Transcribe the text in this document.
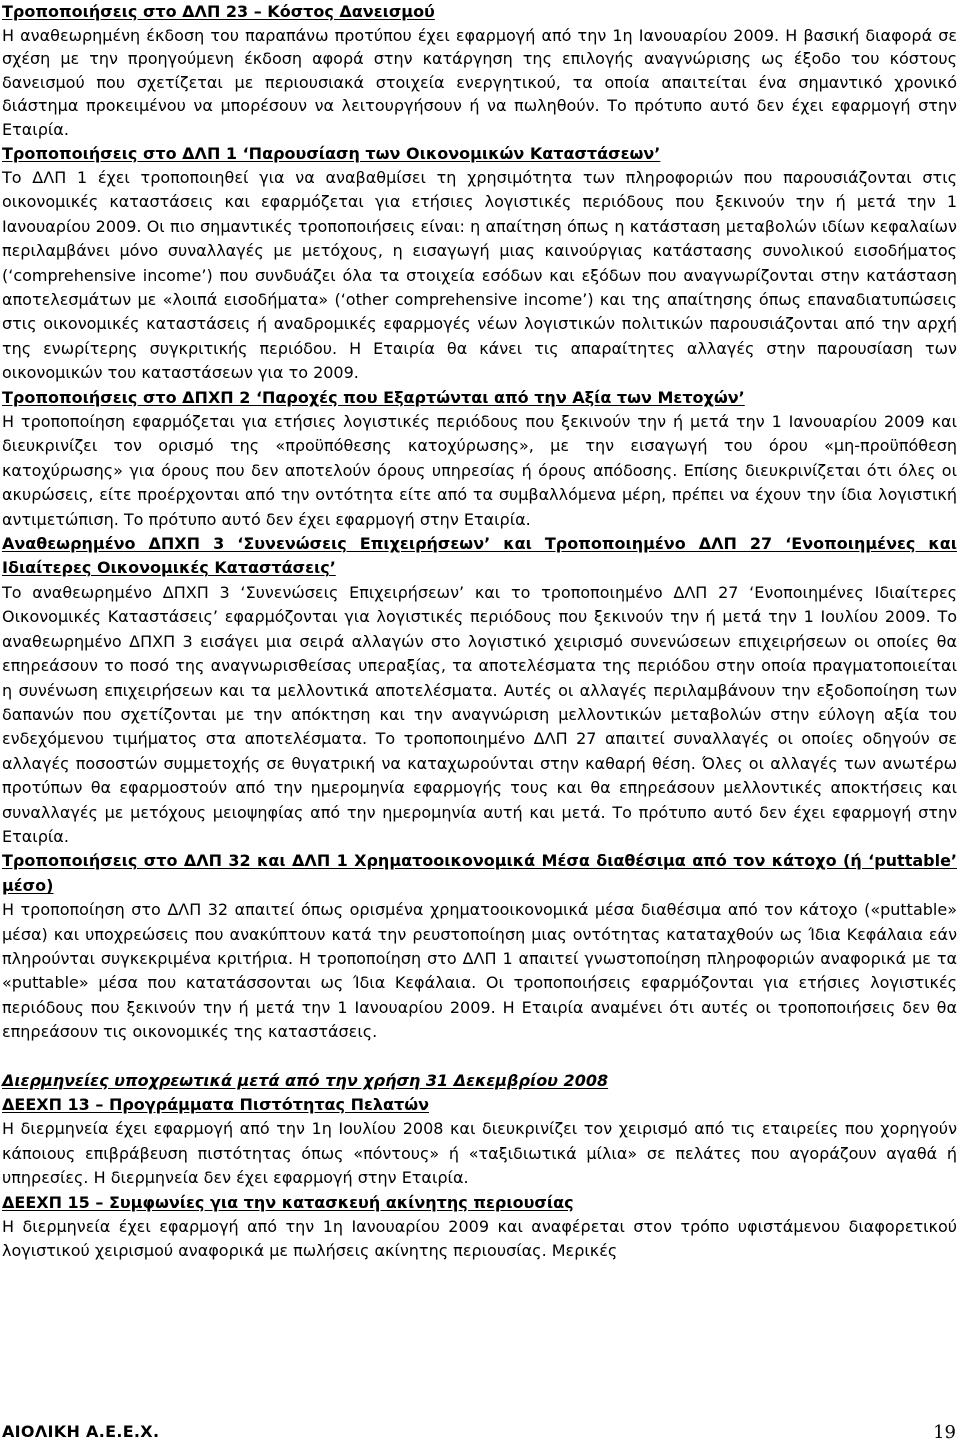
Τροποποιήσεις στο ΔΛΠ 23 – Κόστος Δανεισμού

Η αναθεωρημένη έκδοση του παραπάνω προτύπου έχει εφαρμογή από την 1η Ιανουαρίου 2009. Η βασική διαφορά σε σχέση με την προηγούμενη έκδοση αφορά στην κατάργηση της επιλογής αναγνώρισης ως έξοδο του κόστους δανεισμού που σχετίζεται με περιουσιακά στοιχεία ενεργητικού, τα οποία απαιτείται ένα σημαντικό χρονικό διάστημα προκειμένου να μπορέσουν να λειτουργήσουν ή να πωληθούν. Το πρότυπο αυτό δεν έχει εφαρμογή στην Εταιρία.

Τροποποιήσεις στο ΔΛΠ 1 ‘Παρουσίαση των Οικονομικών Καταστάσεων’

Το ΔΛΠ 1 έχει τροποποιηθεί για να αναβαθμίσει τη χρησιμότητα των πληροφοριών που παρουσιάζονται στις οικονομικές καταστάσεις και εφαρμόζεται για ετήσιες λογιστικές περιόδους που ξεκινούν την ή μετά την 1 Ιανουαρίου 2009. Οι πιο σημαντικές τροποποιήσεις είναι: η απαίτηση όπως η κατάσταση μεταβολών ιδίων κεφαλαίων περιλαμβάνει μόνο συναλλαγές με μετόχους, η εισαγωγή μιας καινούργιας κατάστασης συνολικού εισοδήματος (‘comprehensive income’) που συνδυάζει όλα τα στοιχεία εσόδων και εξόδων που αναγνωρίζονται στην κατάσταση αποτελεσμάτων με «λοιπά εισοδήματα» (‘other comprehensive income’) και της απαίτησης όπως επαναδιατυπώσεις στις οικονομικές καταστάσεις ή αναδρομικές εφαρμογές νέων λογιστικών πολιτικών παρουσιάζονται από την αρχή της ενωρίτερης συγκριτικής περιόδου. Η Εταιρία θα κάνει τις απαραίτητες αλλαγές στην παρουσίαση των οικονομικών του καταστάσεων για το 2009.

Τροποποιήσεις στο ΔΠΧΠ 2 ‘Παροχές που Εξαρτώνται από την Αξία των Μετοχών’

Η τροποποίηση εφαρμόζεται για ετήσιες λογιστικές περιόδους που ξεκινούν την ή μετά την 1 Ιανουαρίου 2009 και διευκρινίζει τον ορισμό της «προϋπόθεσης κατοχύρωσης», με την εισαγωγή του όρου «μη-προϋπόθεση κατοχύρωσης» για όρους που δεν αποτελούν όρους υπηρεσίας ή όρους απόδοσης. Επίσης διευκρινίζεται ότι όλες οι ακυρώσεις, είτε προέρχονται από την οντότητα είτε από τα συμβαλλόμενα μέρη, πρέπει να έχουν την ίδια λογιστική αντιμετώπιση. Το πρότυπο αυτό δεν έχει εφαρμογή στην Εταιρία.

Αναθεωρημένο ΔΠΧΠ 3 ‘Συνενώσεις Επιχειρήσεων’ και Τροποποιημένο ΔΛΠ 27 ‘Ενοποιημένες και Ιδιαίτερες Οικονομικές Καταστάσεις’

Το αναθεωρημένο ΔΠΧΠ 3 ‘Συνενώσεις Επιχειρήσεων’ και το τροποποιημένο ΔΛΠ 27 ‘Ενοποιημένες Ιδιαίτερες Οικονομικές Καταστάσεις’ εφαρμόζονται για λογιστικές περιόδους που ξεκινούν την ή μετά την 1 Ιουλίου 2009. Το αναθεωρημένο ΔΠΧΠ 3 εισάγει μια σειρά αλλαγών στο λογιστικό χειρισμό συνενώσεων επιχειρήσεων οι οποίες θα επηρεάσουν το ποσό της αναγνωρισθείσας υπεραξίας, τα αποτελέσματα της περιόδου στην οποία πραγματοποιείται η συνένωση επιχειρήσεων και τα μελλοντικά αποτελέσματα. Αυτές οι αλλαγές περιλαμβάνουν την εξοδοποίηση των δαπανών που σχετίζονται με την απόκτηση και την αναγνώριση μελλοντικών μεταβολών στην εύλογη αξία του ενδεχόμενου τιμήματος στα αποτελέσματα. Το τροποποιημένο ΔΛΠ 27 απαιτεί συναλλαγές οι οποίες οδηγούν σε αλλαγές ποσοστών συμμετοχής σε θυγατρική να καταχωρούνται στην καθαρή θέση. Όλες οι αλλαγές των ανωτέρω προτύπων θα εφαρμοστούν από την ημερομηνία εφαρμογής τους και θα επηρεάσουν μελλοντικές αποκτήσεις και συναλλαγές με μετόχους μειοψηφίας από την ημερομηνία αυτή και μετά. Το πρότυπο αυτό δεν έχει εφαρμογή στην Εταιρία.

Τροποποιήσεις στο ΔΛΠ 32 και ΔΛΠ 1 Χρηματοοικονομικά Μέσα διαθέσιμα από τον κάτοχο (ή ‘puttable’ μέσο)

Η τροποποίηση στο ΔΛΠ 32 απαιτεί όπως ορισμένα χρηματοοικονομικά μέσα διαθέσιμα από τον κάτοχο («puttable» μέσα) και υποχρεώσεις που ανακύπτουν κατά την ρευστοποίηση μιας οντότητας καταταχθούν ως Ίδια Κεφάλαια εάν πληρούνται συγκεκριμένα κριτήρια. Η τροποποίηση στο ΔΛΠ 1 απαιτεί γνωστοποίηση πληροφοριών αναφορικά με τα «puttable» μέσα που κατατάσσονται ως Ίδια Κεφάλαια. Οι τροποποιήσεις εφαρμόζονται για ετήσιες λογιστικές περιόδους που ξεκινούν την ή μετά την 1 Ιανουαρίου 2009. Η Εταιρία αναμένει ότι αυτές οι τροποποιήσεις δεν θα επηρεάσουν τις οικονομικές της καταστάσεις.

Διερμηνείες υποχρεωτικά μετά από την χρήση 31 Δεκεμβρίου 2008
ΔΕΕΧΠ 13 – Προγράμματα Πιστότητας Πελατών

Η διερμηνεία έχει εφαρμογή από την 1η Ιουλίου 2008 και διευκρινίζει τον χειρισμό από τις εταιρείες που χορηγούν κάποιους επιβράβευση πιστότητας όπως «πόντους» ή «ταξιδιωτικά μίλια» σε πελάτες που αγοράζουν αγαθά ή υπηρεσίες. Η διερμηνεία δεν έχει εφαρμογή στην Εταιρία.

ΔΕΕΧΠ 15 – Συμφωνίες για την κατασκευή ακίνητης περιουσίας

Η διερμηνεία έχει εφαρμογή από την 1η Ιανουαρίου 2009 και αναφέρεται στον τρόπο υφιστάμενου διαφορετικού λογιστικού χειρισμού αναφορικά με πωλήσεις ακίνητης περιουσίας. Μερικές

ΑΙΟΛΙΚΗ Α.Ε.Ε.Χ.	19
